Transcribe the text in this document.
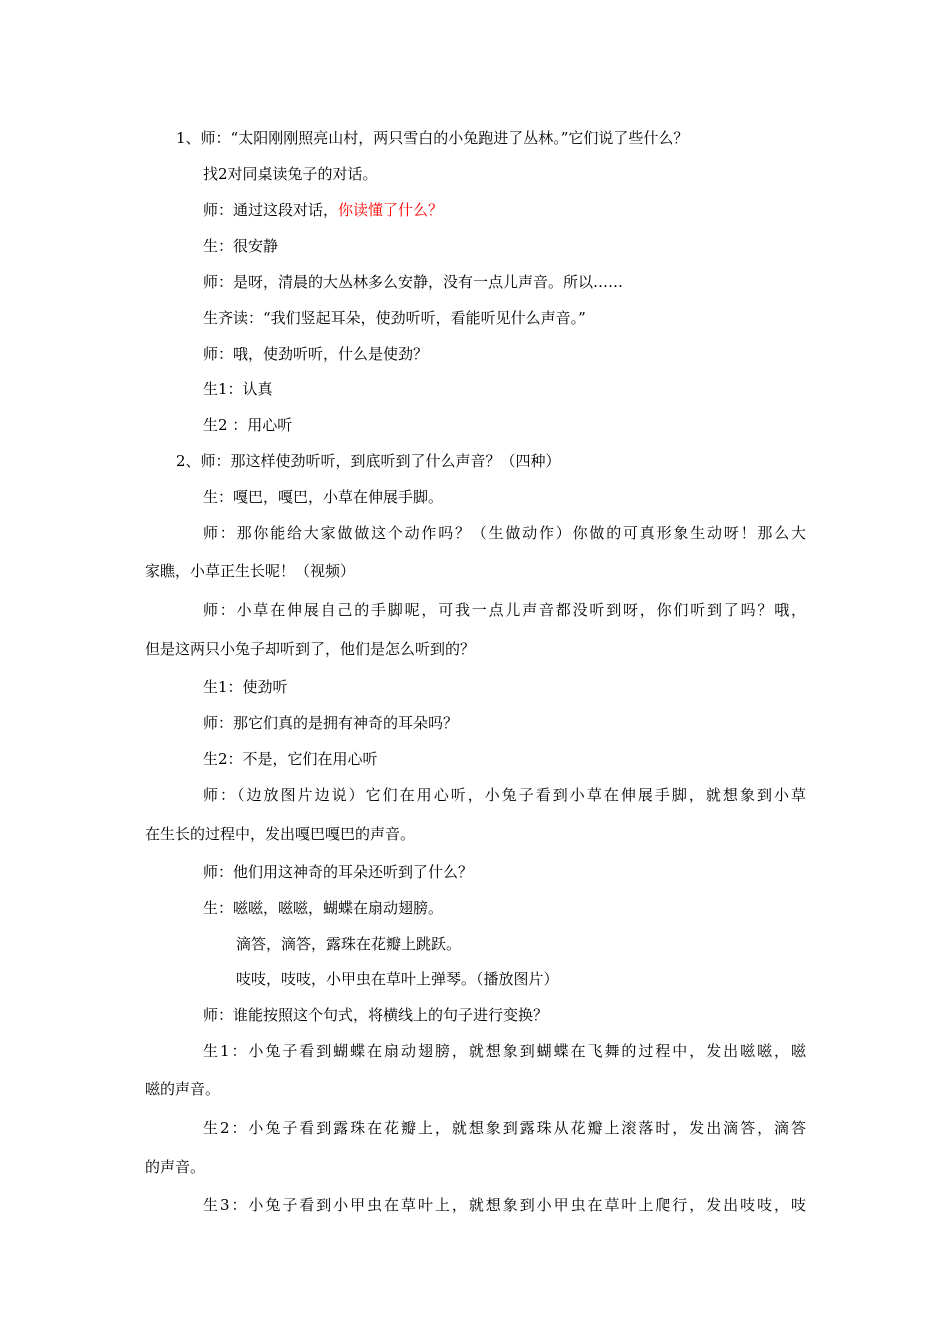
1、师：“太阳刚刚照亮山村，两只雪白的小兔跑进了丛林。”它们说了些什么？
找2对同桌读兔子的对话。
师：通过这段对话，你读懂了什么？
生：很安静
师：是呀，清晨的大丛林多么安静，没有一点儿声音。所以……
生齐读：“我们竖起耳朵，使劲听听，看能听见什么声音。”
师：哦，使劲听听，什么是使劲？
生1：认真
生2 ：用心听
2、师：那这样使劲听听，到底听到了什么声音？（四种）
生：嘎巴，嘎巴，小草在伸展手脚。
师：那你能给大家做做这个动作吗？（生做动作）你做的可真形象生动呀！那么大
家瞧，小草正生长呢！（视频）
师：小草在伸展自己的手脚呢，可我一点儿声音都没听到呀，你们听到了吗？哦，
但是这两只小兔子却听到了，他们是怎么听到的？
生1：使劲听
师：那它们真的是拥有神奇的耳朵吗？
生2：不是，它们在用心听
师：（边放图片边说）它们在用心听，小兔子看到小草在伸展手脚，就想象到小草
在生长的过程中，发出嘎巴嘎巴的声音。
师：他们用这神奇的耳朵还听到了什么？
生：嗞嗞，嗞嗞，蝴蝶在扇动翅膀。
滴答，滴答，露珠在花瓣上跳跃。
吱吱，吱吱，小甲虫在草叶上弹琴。（播放图片）
师：谁能按照这个句式，将横线上的句子进行变换？
生1：小兔子看到蝴蝶在扇动翅膀，就想象到蝴蝶在飞舞的过程中，发出嗞嗞，嗞
嗞的声音。
生2：小兔子看到露珠在花瓣上，就想象到露珠从花瓣上滚落时，发出滴答，滴答
的声音。
生3：小兔子看到小甲虫在草叶上，就想象到小甲虫在草叶上爬行，发出吱吱，吱
